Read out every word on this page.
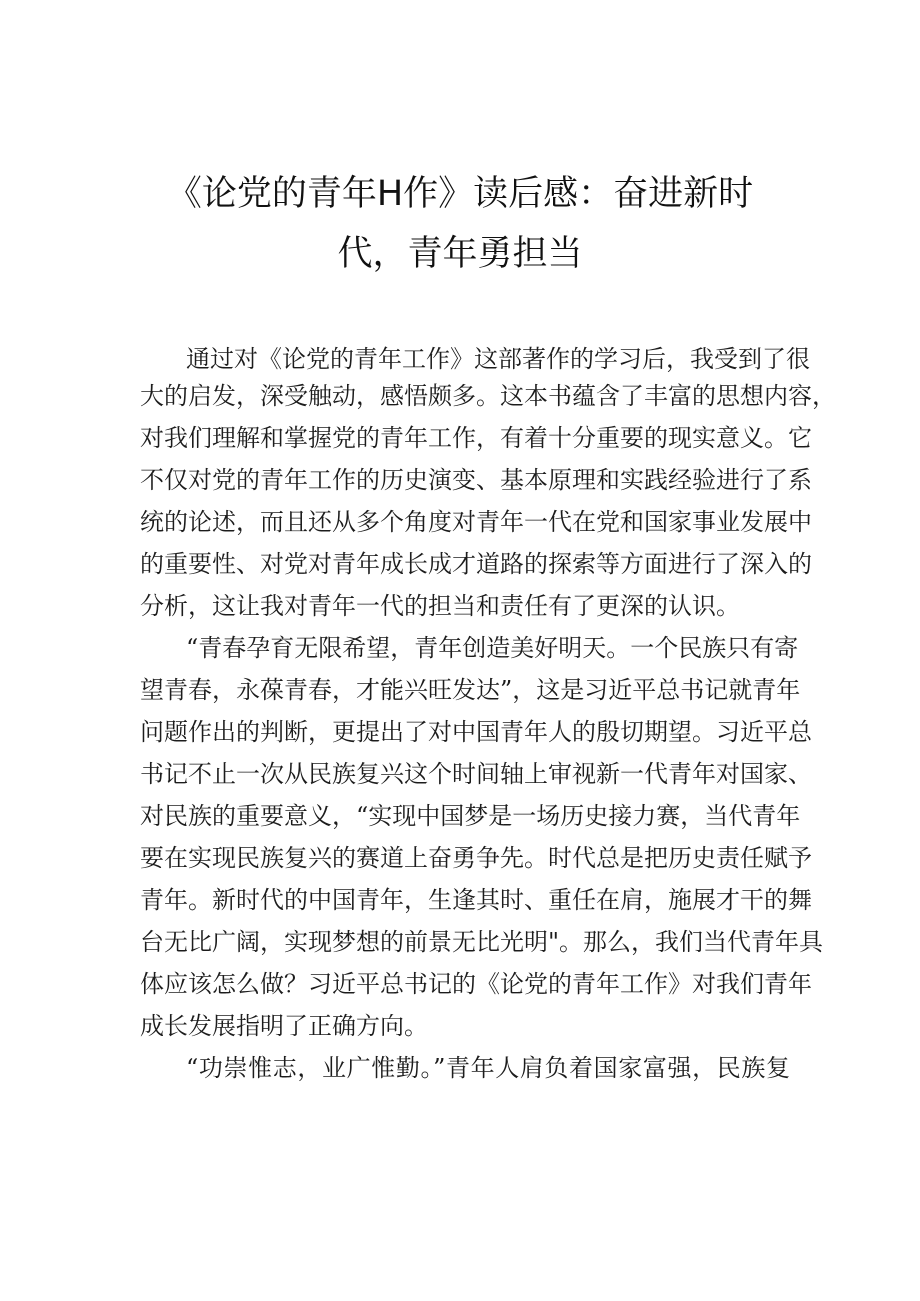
《论党的青年H作》读后感：奋进新时
代，青年勇担当
通过对《论党的青年工作》这部著作的学习后，我受到了很
大的启发，深受触动，感悟颇多。这本书蕴含了丰富的思想内容，
对我们理解和掌握党的青年工作，有着十分重要的现实意义。它
不仅对党的青年工作的历史演变、基本原理和实践经验进行了系
统的论述，而且还从多个角度对青年一代在党和国家事业发展中
的重要性、对党对青年成长成才道路的探索等方面进行了深入的
分析，这让我对青年一代的担当和责任有了更深的认识。
“青春孕育无限希望，青年创造美好明天。一个民族只有寄
望青春，永葆青春，才能兴旺发达”，这是习近平总书记就青年
问题作出的判断，更提出了对中国青年人的殷切期望。习近平总
书记不止一次从民族复兴这个时间轴上审视新一代青年对国家、
对民族的重要意义，“实现中国梦是一场历史接力赛，当代青年
要在实现民族复兴的赛道上奋勇争先。时代总是把历史责任赋予
青年。新时代的中国青年，生逢其时、重任在肩，施展才干的舞
台无比广阔，实现梦想的前景无比光明"。那么，我们当代青年具
体应该怎么做？习近平总书记的《论党的青年工作》对我们青年
成长发展指明了正确方向。
“功崇惟志，业广惟勤。”青年人肩负着国家富强，民族复
